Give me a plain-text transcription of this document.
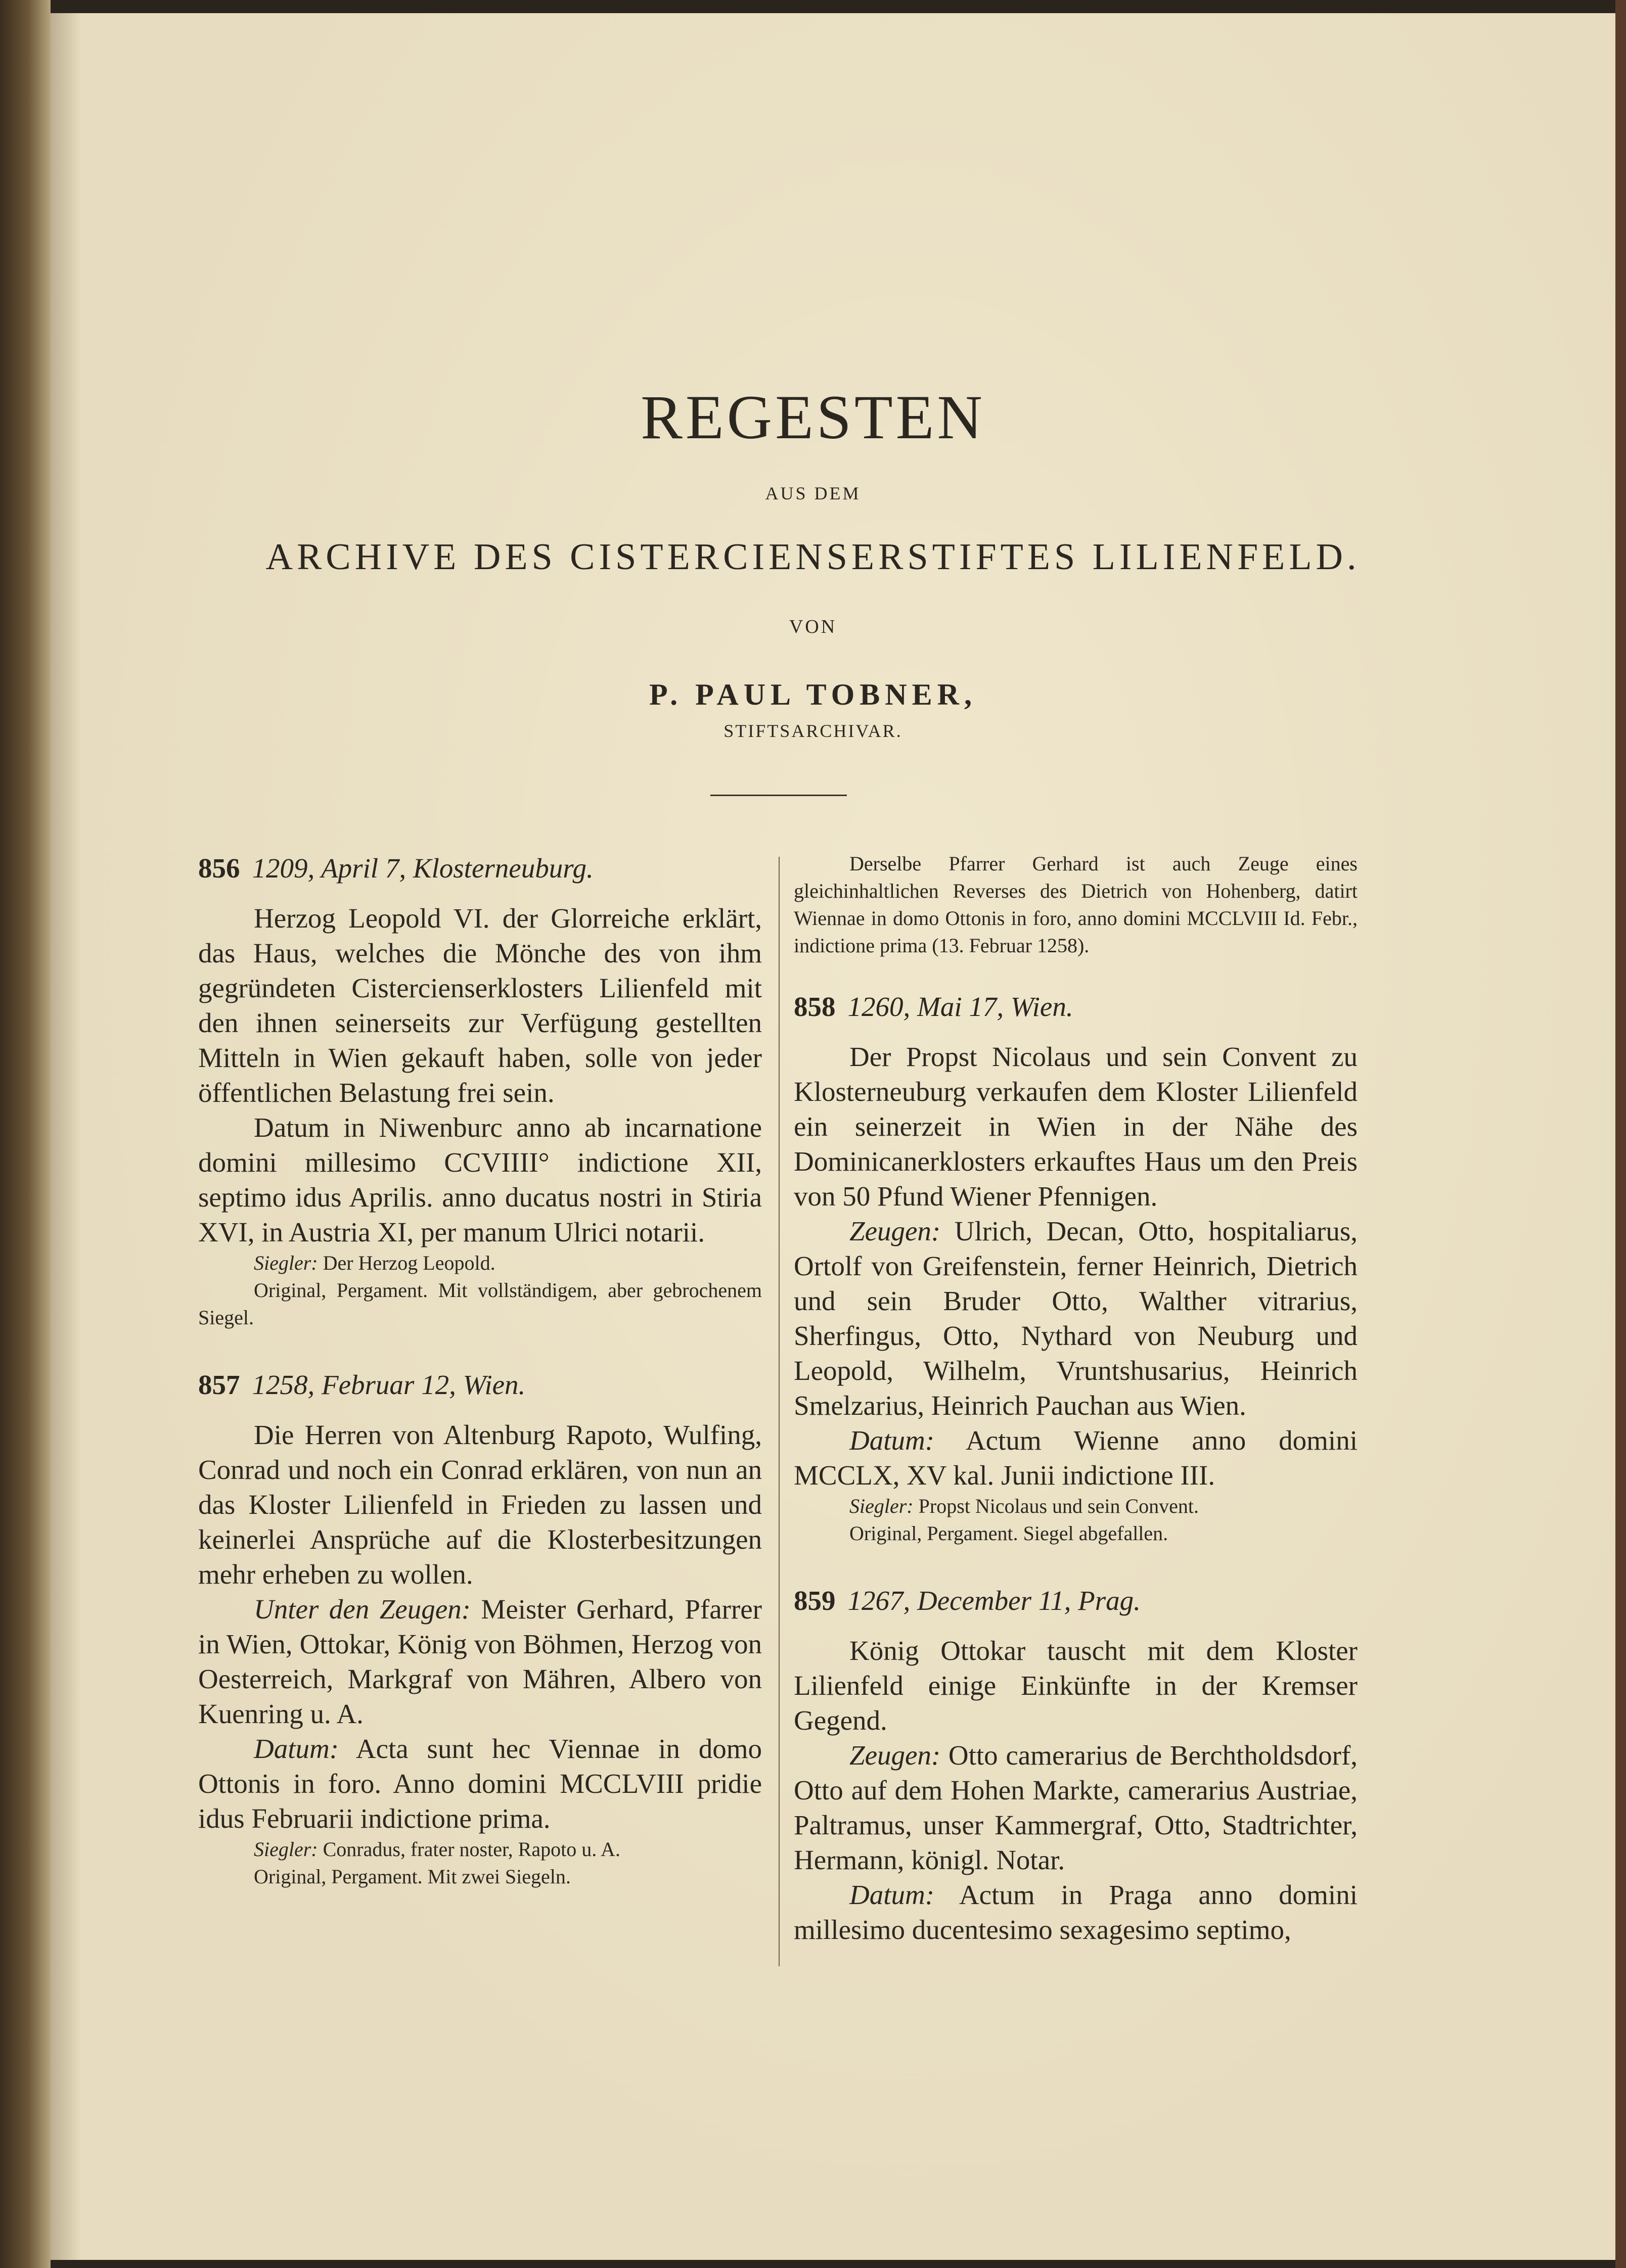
REGESTEN
AUS DEM
ARCHIVE DES CISTERCIENSERSTIFTES LILIENFELD.
VON
P. PAUL TOBNER,
STIFTSARCHIVAR.
856 1209, April 7, Klosterneuburg.

Herzog Leopold VI. der Glorreiche erklärt, das Haus, welches die Mönche des von ihm gegründeten Cistercienserklosters Lilienfeld mit den ihnen seinerseits zur Verfügung gestellten Mitteln in Wien gekauft haben, solle von jeder öffentlichen Belastung frei sein.

Datum in Niwenburc anno ab incarnatione domini millesimo CCVIIII° indictione XII, septimo idus Aprilis. anno ducatus nostri in Stiria XVI, in Austria XI, per manum Ulrici notarii.

Siegler: Der Herzog Leopold.

Original, Pergament. Mit vollständigem, aber gebrochenem Siegel.

857 1258, Februar 12, Wien.

Die Herren von Altenburg Rapoto, Wulfing, Conrad und noch ein Conrad erklären, von nun an das Kloster Lilienfeld in Frieden zu lassen und keinerlei Ansprüche auf die Klosterbesitzungen mehr erheben zu wollen.

Unter den Zeugen: Meister Gerhard, Pfarrer in Wien, Ottokar, König von Böhmen, Herzog von Oesterreich, Markgraf von Mähren, Albero von Kuenring u. A.

Datum: Acta sunt hec Viennae in domo Ottonis in foro. Anno domini MCCLVIII pridie idus Februarii indictione prima.

Siegler: Conradus, frater noster, Rapoto u. A.

Original, Pergament. Mit zwei Siegeln.

Derselbe Pfarrer Gerhard ist auch Zeuge eines gleichinhaltlichen Reverses des Dietrich von Hohenberg, datirt Wiennae in domo Ottonis in foro, anno domini MCCLVIII Id. Febr., indictione prima (13. Februar 1258).

858 1260, Mai 17, Wien.

Der Propst Nicolaus und sein Convent zu Klosterneuburg verkaufen dem Kloster Lilienfeld ein seinerzeit in Wien in der Nähe des Dominicanerklosters erkauftes Haus um den Preis von 50 Pfund Wiener Pfennigen.

Zeugen: Ulrich, Decan, Otto, hospitaliarus, Ortolf von Greifenstein, ferner Heinrich, Dietrich und sein Bruder Otto, Walther vitrarius, Sherfingus, Otto, Nythard von Neuburg und Leopold, Wilhelm, Vruntshusarius, Heinrich Smelzarius, Heinrich Pauchan aus Wien.

Datum: Actum Wienne anno domini MCCLX, XV kal. Junii indictione III.

Siegler: Propst Nicolaus und sein Convent.

Original, Pergament. Siegel abgefallen.

859 1267, December 11, Prag.

König Ottokar tauscht mit dem Kloster Lilienfeld einige Einkünfte in der Kremser Gegend.

Zeugen: Otto camerarius de Berchtholdsdorf, Otto auf dem Hohen Markte, camerarius Austriae, Paltramus, unser Kammergraf, Otto, Stadtrichter, Hermann, königl. Notar.

Datum: Actum in Praga anno domini millesimo ducentesimo sexagesimo septimo,
